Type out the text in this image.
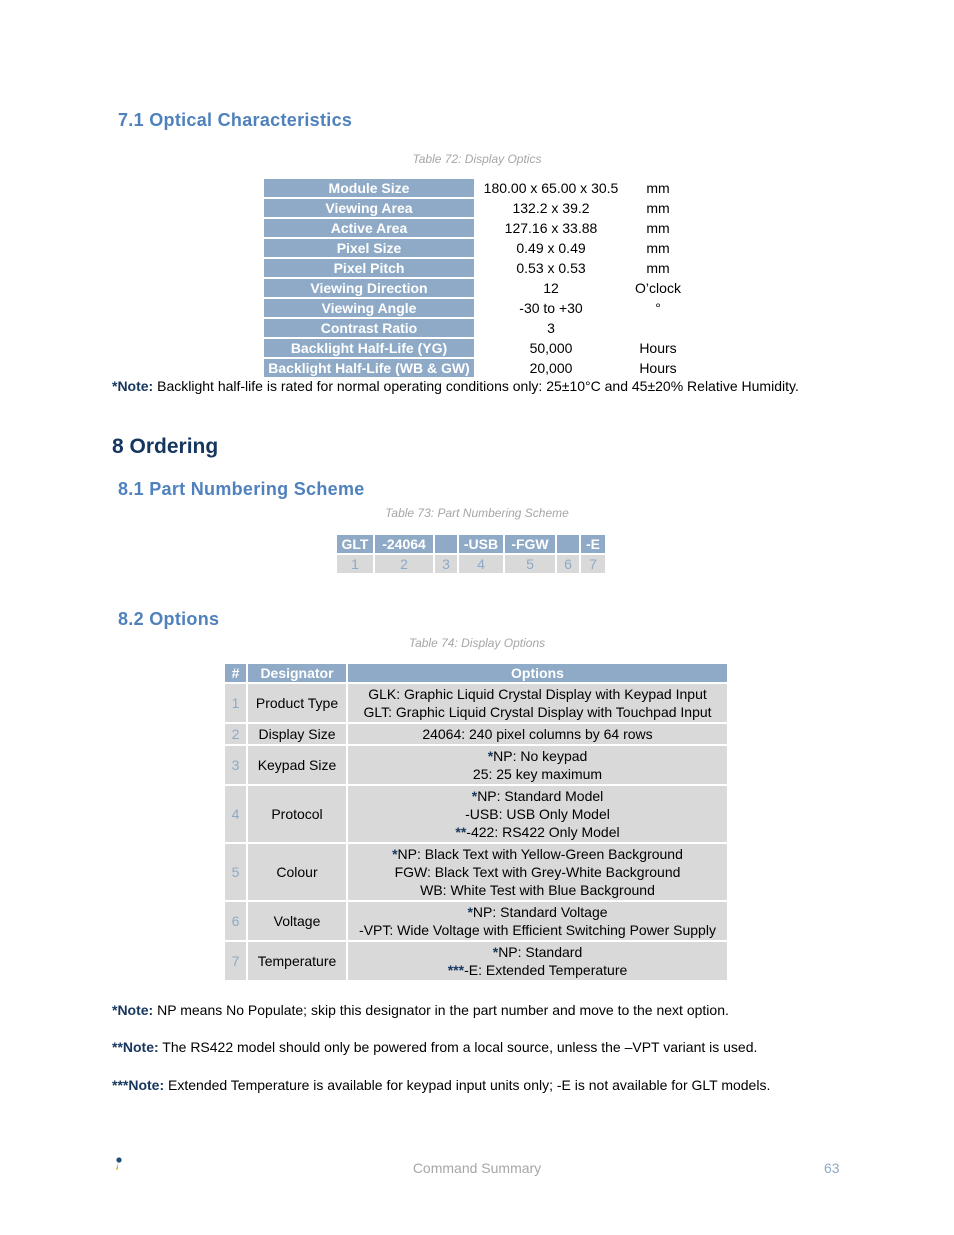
7.1 Optical Characteristics
Table 72: Display Optics
Module Size	180.00 x 65.00 x 30.5	mm
Viewing Area	132.2 x 39.2	mm
Active Area	127.16 x 33.88	mm
Pixel Size	0.49 x 0.49	mm
Pixel Pitch	0.53 x 0.53	mm
Viewing Direction	12	O’clock
Viewing Angle	-30 to +30	°
Contrast Ratio	3	
Backlight Half-Life (YG)	50,000	Hours
Backlight Half-Life (WB & GW)	20,000	Hours
*Note: Backlight half-life is rated for normal operating conditions only: 25±10°C and 45±20% Relative Humidity.
8 Ordering
8.1 Part Numbering Scheme
Table 73: Part Numbering Scheme
GLT	-24064		-USB	-FGW		-E
1	2	3	4	5	6	7
8.2 Options
Table 74: Display Options
#	Designator	Options
1	Product Type	GLK: Graphic Liquid Crystal Display with Keypad Input
GLT: Graphic Liquid Crystal Display with Touchpad Input

2	Display Size	24064: 240 pixel columns by 64 rows

3	Keypad Size	*NP: No keypad
25: 25 key maximum

4	Protocol	*NP: Standard Model
-USB: USB Only Model
**-422: RS422 Only Model

5	Colour	*NP: Black Text with Yellow-Green Background
FGW: Black Text with Grey-White Background
WB: White Test with Blue Background

6	Voltage	*NP: Standard Voltage
-VPT: Wide Voltage with Efficient Switching Power Supply

7	Temperature	*NP: Standard
***-E: Extended Temperature
*Note: NP means No Populate; skip this designator in the part number and move to the next option.
**Note: The RS422 model should only be powered from a local source, unless the –VPT variant is used.
***Note: Extended Temperature is available for keypad input units only; -E is not available for GLT models.
Command Summary	63
